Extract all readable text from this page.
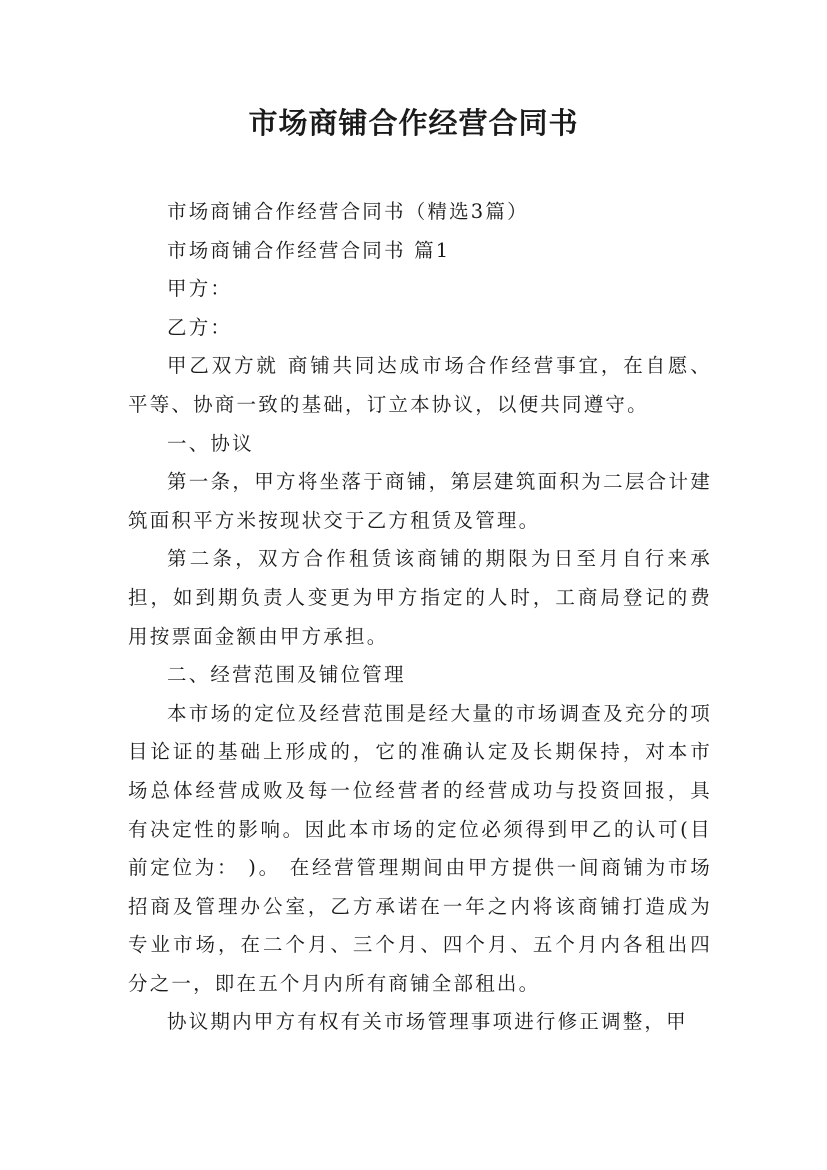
市场商铺合作经营合同书

市场商铺合作经营合同书（精选3篇）

市场商铺合作经营合同书 篇1

甲方：

乙方：

甲乙双方就 商铺共同达成市场合作经营事宜，在自愿、平等、协商一致的基础，订立本协议，以便共同遵守。

一、协议

第一条，甲方将坐落于商铺，第层建筑面积为二层合计建筑面积平方米按现状交于乙方租赁及管理。

第二条，双方合作租赁该商铺的期限为日至月自行来承担，如到期负责人变更为甲方指定的人时，工商局登记的费用按票面金额由甲方承担。

二、经营范围及铺位管理

本市场的定位及经营范围是经大量的市场调查及充分的项目论证的基础上形成的，它的准确认定及长期保持，对本市场总体经营成败及每一位经营者的经营成功与投资回报，具有决定性的影响。因此本市场的定位必须得到甲乙的认可(目前定位为： )。 在经营管理期间由甲方提供一间商铺为市场招商及管理办公室，乙方承诺在一年之内将该商铺打造成为专业市场，在二个月、三个月、四个月、五个月内各租出四分之一，即在五个月内所有商铺全部租出。

协议期内甲方有权有关市场管理事项进行修正调整，甲
